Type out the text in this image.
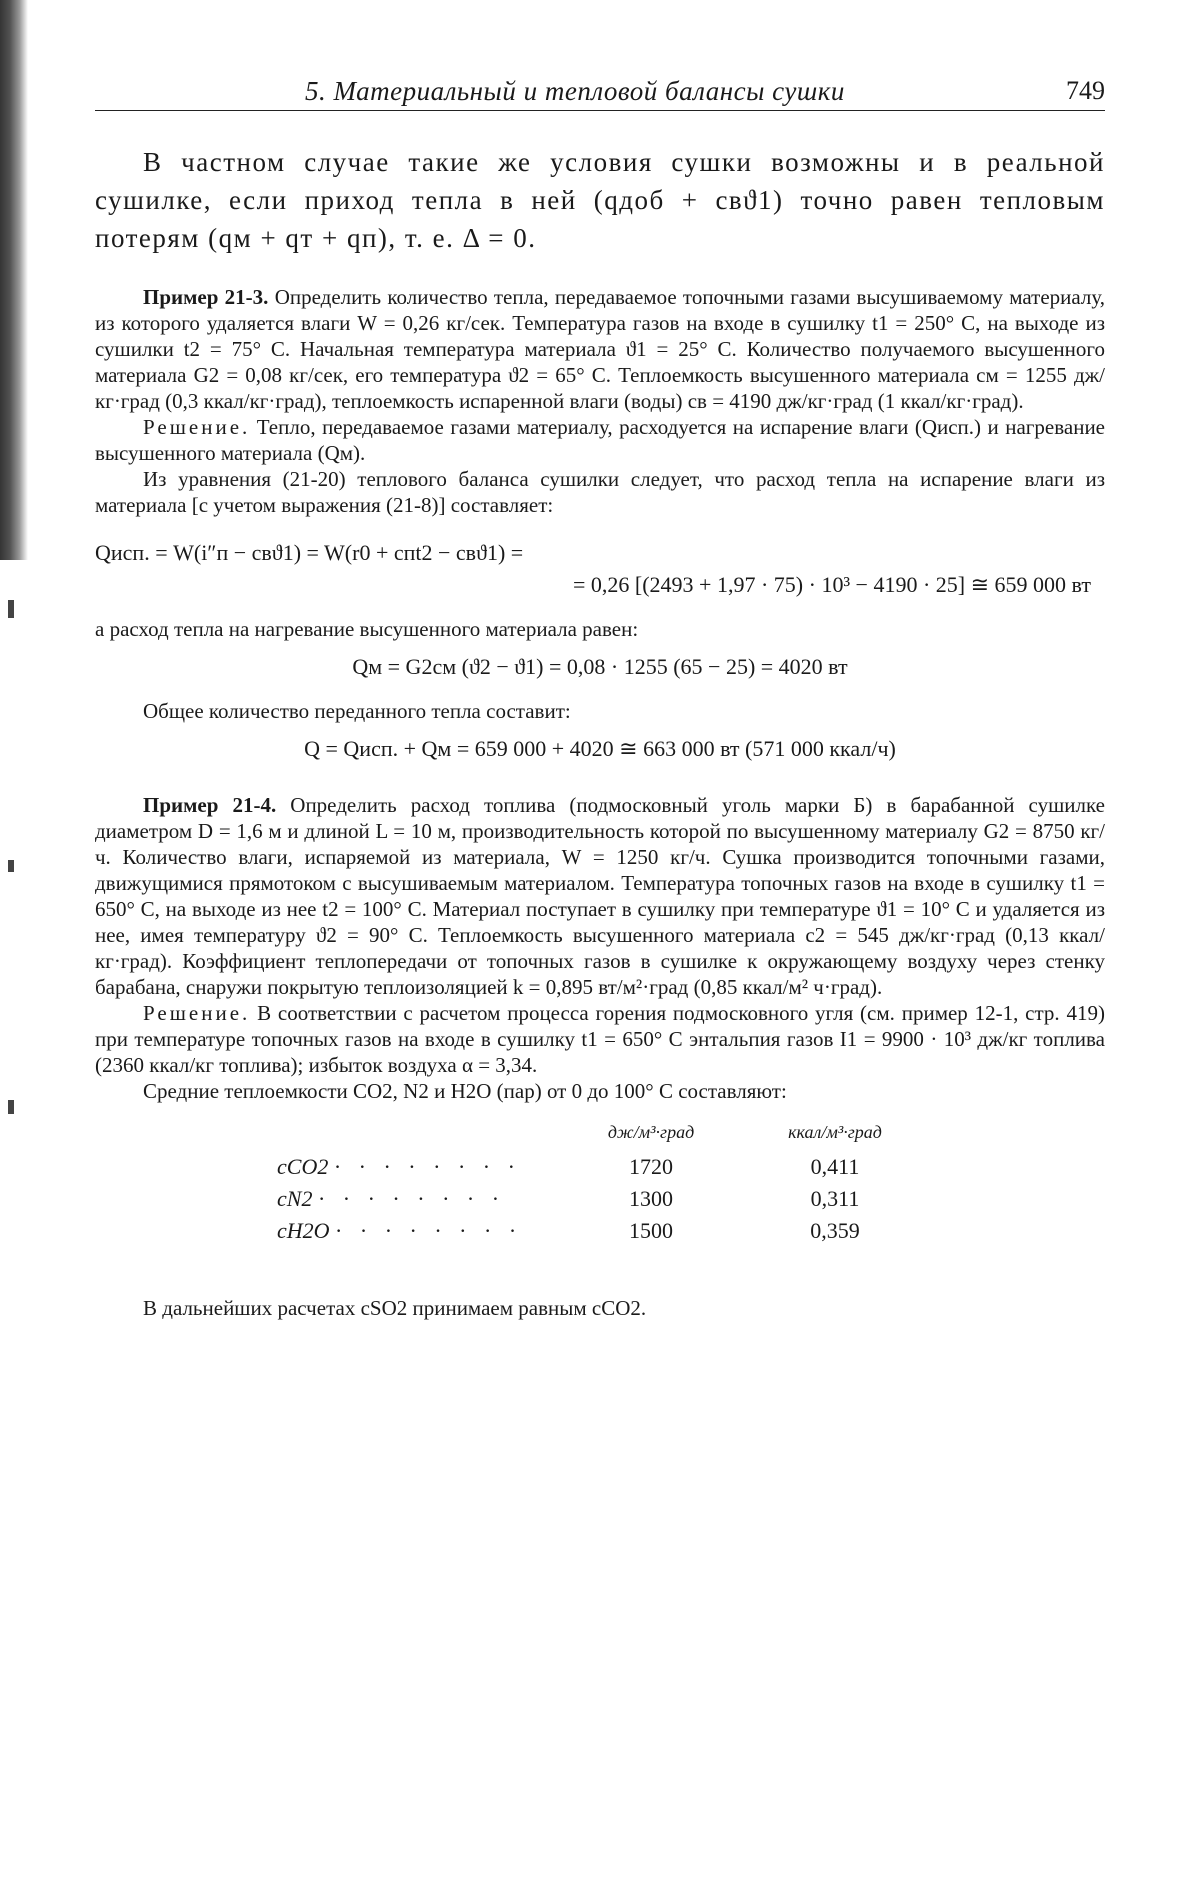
5. Материальный и тепловой балансы сушки	749

В частном случае такие же условия сушки возможны и в реальной сушилке, если приход тепла в ней (qдоб + cвϑ1) точно равен тепловым потерям (qм + qт + qп), т. е. Δ = 0.

Пример 21-3. Определить количество тепла, передаваемое топочными газами высушиваемому материалу, из которого удаляется влаги W = 0,26 кг/сек. Температура газов на входе в сушилку t1 = 250° С, на выходе из сушилки t2 = 75° С. Начальная температура материала ϑ1 = 25° С. Количество получаемого высушенного материала G2 = 0,08 кг/сек, его температура ϑ2 = 65° С. Теплоемкость высушенного материала cм = 1255 дж/кг·град (0,3 ккал/кг·град), теплоемкость испаренной влаги (воды) cв = 4190 дж/кг·град (1 ккал/кг·град).

Решение. Тепло, передаваемое газами материалу, расходуется на испарение влаги (Qисп.) и нагревание высушенного материала (Qм).

Из уравнения (21-20) теплового баланса сушилки следует, что расход тепла на испарение влаги из материала [с учетом выражения (21-8)] составляет:

Qисп. = W(i″п − cвϑ1) = W(r0 + cпt2 − cвϑ1) =
= 0,26 [(2493 + 1,97 · 75) · 10³ − 4190 · 25] ≅ 659 000 вт

а расход тепла на нагревание высушенного материала равен:

Qм = G2cм (ϑ2 − ϑ1) = 0,08 · 1255 (65 − 25) = 4020 вт

Общее количество переданного тепла составит:

Q = Qисп. + Qм = 659 000 + 4020 ≅ 663 000 вт (571 000 ккал/ч)

Пример 21-4. Определить расход топлива (подмосковный уголь марки Б) в барабанной сушилке диаметром D = 1,6 м и длиной L = 10 м, производительность которой по высушенному материалу G2 = 8750 кг/ч. Количество влаги, испаряемой из материала, W = 1250 кг/ч. Сушка производится топочными газами, движущимися прямотоком с высушиваемым материалом. Температура топочных газов на входе в сушилку t1 = 650° С, на выходе из нее t2 = 100° С. Материал поступает в сушилку при температуре ϑ1 = 10° С и удаляется из нее, имея температуру ϑ2 = 90° С. Теплоемкость высушенного материала c2 = 545 дж/кг·град (0,13 ккал/кг·град). Коэффициент теплопередачи от топочных газов в сушилке к окружающему воздуху через стенку барабана, снаружи покрытую теплоизоляцией k = 0,895 вт/м²·град (0,85 ккал/м² ч·град).

Решение. В соответствии с расчетом процесса горения подмосковного угля (см. пример 12-1, стр. 419) при температуре топочных газов на входе в сушилку t1 = 650° С энтальпия газов I1 = 9900 · 10³ дж/кг топлива (2360 ккал/кг топлива); избыток воздуха α = 3,34.

Средние теплоемкости CO2, N2 и H2O (пар) от 0 до 100° С составляют:

	дж/м³·град	ккал/м³·град
cCO2 · · · · · · · ·	1720	0,411
cN2 · · · · · · · ·	1300	0,311
cH2O · · · · · · · ·	1500	0,359

В дальнейших расчетах cSO2 принимаем равным cCO2.
